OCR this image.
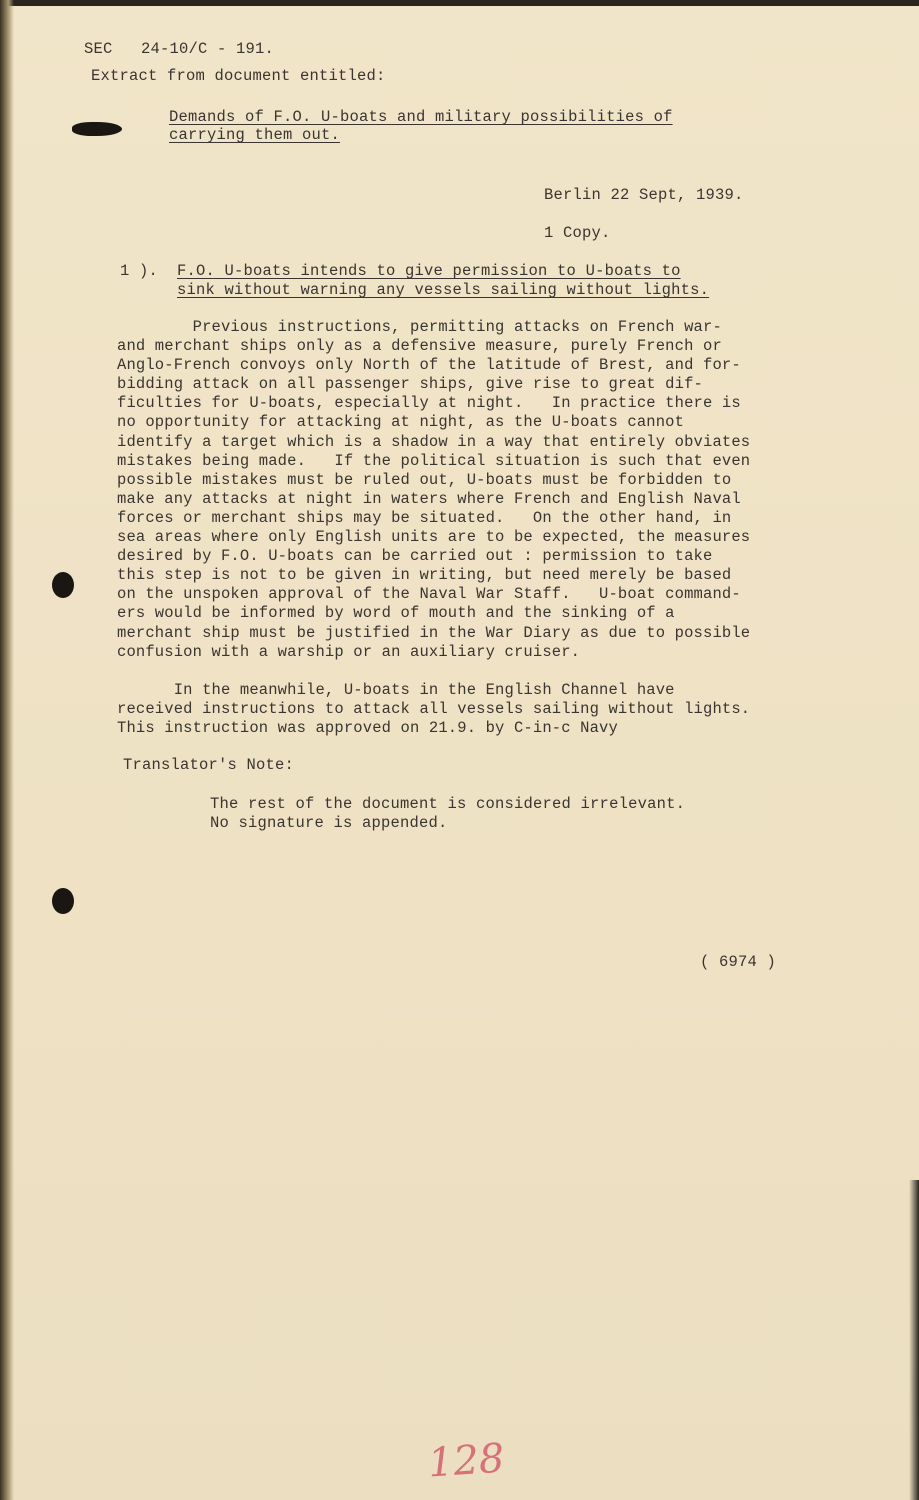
SEC   24-10/C - 191.
Extract from document entitled:
Demands of F.O. U-boats and military possibilities of
carrying them out.
Berlin 22 Sept, 1939.
1 Copy.
1 ). F.O. U-boats intends to give permission to U-boats to
sink without warning any vessels sailing without lights.
Previous instructions, permitting attacks on French war-
and merchant ships only as a defensive measure, purely French or
Anglo-French convoys only North of the latitude of Brest, and for-
bidding attack on all passenger ships, give rise to great dif-
ficulties for U-boats, especially at night.   In practice there is
no opportunity for attacking at night, as the U-boats cannot
identify a target which is a shadow in a way that entirely obviates
mistakes being made.   If the political situation is such that even
possible mistakes must be ruled out, U-boats must be forbidden to
make any attacks at night in waters where French and English Naval
forces or merchant ships may be situated.   On the other hand, in
sea areas where only English units are to be expected, the measures
desired by F.O. U-boats can be carried out : permission to take
this step is not to be given in writing, but need merely be based
on the unspoken approval of the Naval War Staff.   U-boat command-
ers would be informed by word of mouth and the sinking of a
merchant ship must be justified in the War Diary as due to possible
confusion with a warship or an auxiliary cruiser.
In the meanwhile, U-boats in the English Channel have
received instructions to attack all vessels sailing without lights.
This instruction was approved on 21.9. by C-in-c Navy
Translator's Note:
The rest of the document is considered irrelevant.
No signature is appended.
( 6974 )
128
